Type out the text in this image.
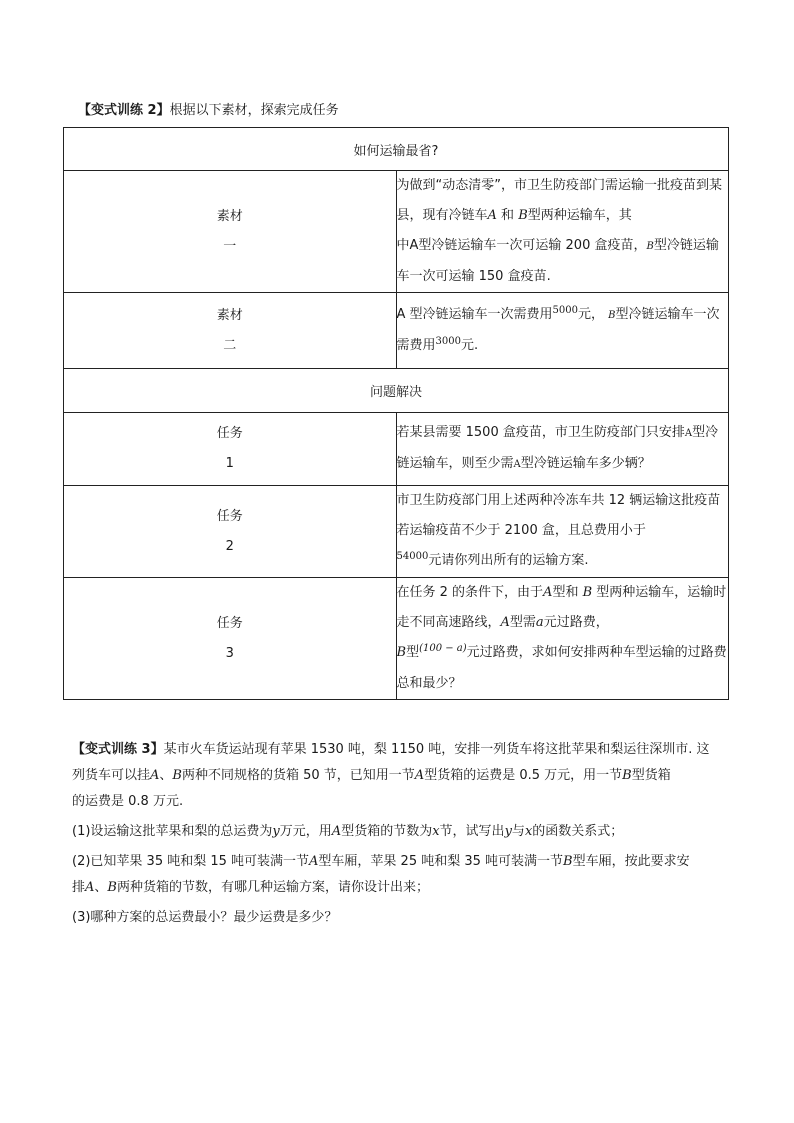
【变式训练 2】根据以下素材，探索完成任务
如何运输最省?	

素材一	为做到“动态清零”，市卫生防疫部门需运输一批疫苗到某县，现有冷链车A 和 B型两种运输车，其
中A型冷链运输车一次可运输 200 盒疫苗，B型冷链运输车一次可运输 150 盒疫苗.

素材二	A 型冷链运输车一次需费用$^{5000}$元， B型冷链运输车一次需费用$^{3000}$元.
问题解决	

任务1	若某县需要 1500 盒疫苗，市卫生防疫部门只安排A型冷链运输车，则至少需A型冷链运输车多少辆？

任务2	市卫生防疫部门用上述两种冷冻车共 12 辆运输这批疫苗若运输疫苗不少于 2100 盒，且总费用小于
$^{54000}$元请你列出所有的运输方案.

任务3	在任务 2 的条件下，由于A型和 B 型两种运输车，运输时走不同高速路线，A型需a元过路费，
B型$^{(100 - a)}$元过路费，求如何安排两种车型运输的过路费总和最少？

【变式训练 3】某市火车货运站现有苹果 1530 吨，梨 1150 吨，安排一列货车将这批苹果和梨运往深圳市. 这

列货车可以挂A、B两种不同规格的货箱 50 节，已知用一节A型货箱的运费是 0.5 万元，用一节B型货箱

的运费是 0.8 万元.

(1)设运输这批苹果和梨的总运费为y万元，用A型货箱的节数为x节，试写出y与x的函数关系式；

(2)已知苹果 35 吨和梨 15 吨可装满一节A型车厢，苹果 25 吨和梨 35 吨可装满一节B型车厢，按此要求安

排A、B两种货箱的节数，有哪几种运输方案，请你设计出来；

(3)哪种方案的总运费最小？最少运费是多少？
